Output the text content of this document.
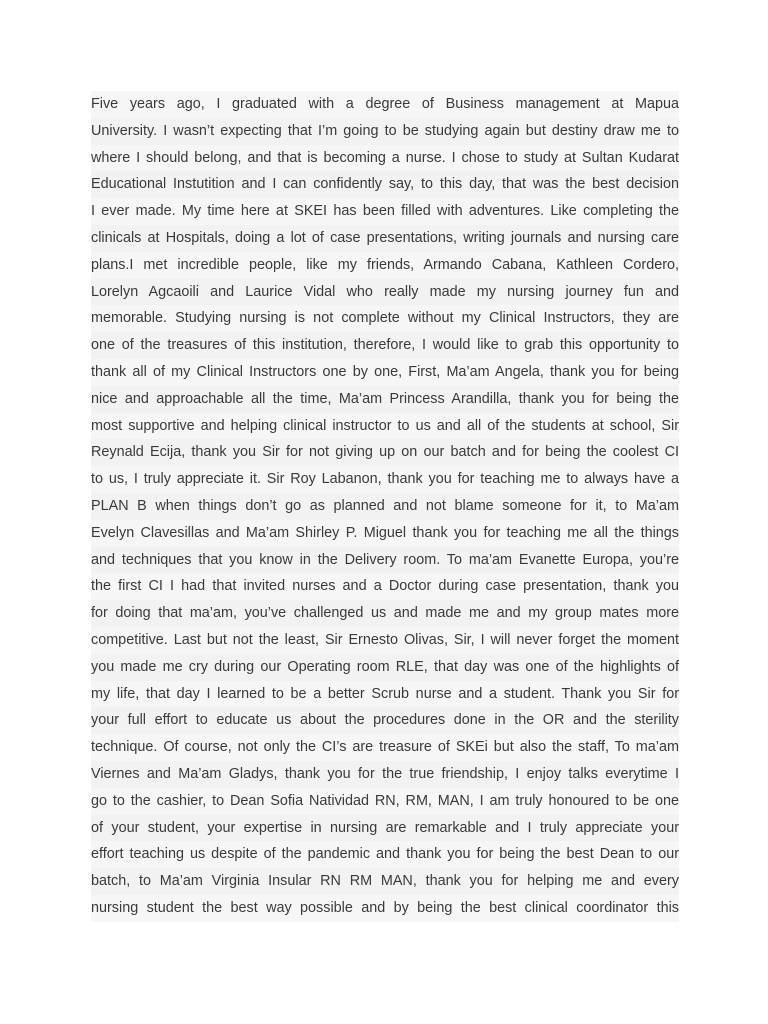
Five years ago, I graduated with a degree of Business management at Mapua
University. I wasn’t expecting that I’m going to be studying again but destiny draw me to
where I should belong, and that is becoming a nurse. I chose to study at Sultan Kudarat
Educational Instutition and I can confidently say, to this day, that was the best decision
I ever made. My time here at SKEI has been filled with adventures. Like completing the
clinicals at Hospitals, doing a lot of case presentations, writing journals and nursing care
plans.I met incredible people, like my friends, Armando Cabana, Kathleen Cordero,
Lorelyn Agcaoili and Laurice Vidal who really made my nursing journey fun and
memorable. Studying nursing is not complete without my Clinical Instructors, they are
one of the treasures of this institution, therefore, I would like to grab this opportunity to
thank all of my Clinical Instructors one by one, First, Ma’am Angela, thank you for being
nice and approachable all the time, Ma’am Princess Arandilla, thank you for being the
most supportive and helping clinical instructor to us and all of the students at school, Sir
Reynald Ecija, thank you Sir for not giving up on our batch and for being the coolest CI
to us, I truly appreciate it. Sir Roy Labanon, thank you for teaching me to always have a
PLAN B when things don’t go as planned and not blame someone for it, to Ma’am
Evelyn Clavesillas and Ma’am Shirley P. Miguel thank you for teaching me all the things
and techniques that you know in the Delivery room. To ma’am Evanette Europa, you’re
the first CI I had that invited nurses and a Doctor during case presentation, thank you
for doing that ma’am, you’ve challenged us and made me and my group mates more
competitive. Last but not the least, Sir Ernesto Olivas, Sir, I will never forget the moment
you made me cry during our Operating room RLE, that day was one of the highlights of
my life, that day I learned to be a better Scrub nurse and a student. Thank you Sir for
your full effort to educate us about the procedures done in the OR and the sterility
technique. Of course, not only the CI’s are treasure of SKEi but also the staff, To ma’am
Viernes and Ma’am Gladys, thank you for the true friendship, I enjoy talks everytime I
go to the cashier, to Dean Sofia Natividad RN, RM, MAN, I am truly honoured to be one
of your student, your expertise in nursing are remarkable and I truly appreciate your
effort teaching us despite of the pandemic and thank you for being the best Dean to our
batch, to Ma’am Virginia Insular RN RM MAN, thank you for helping me and every
nursing student the best way possible and by being the best clinical coordinator this
